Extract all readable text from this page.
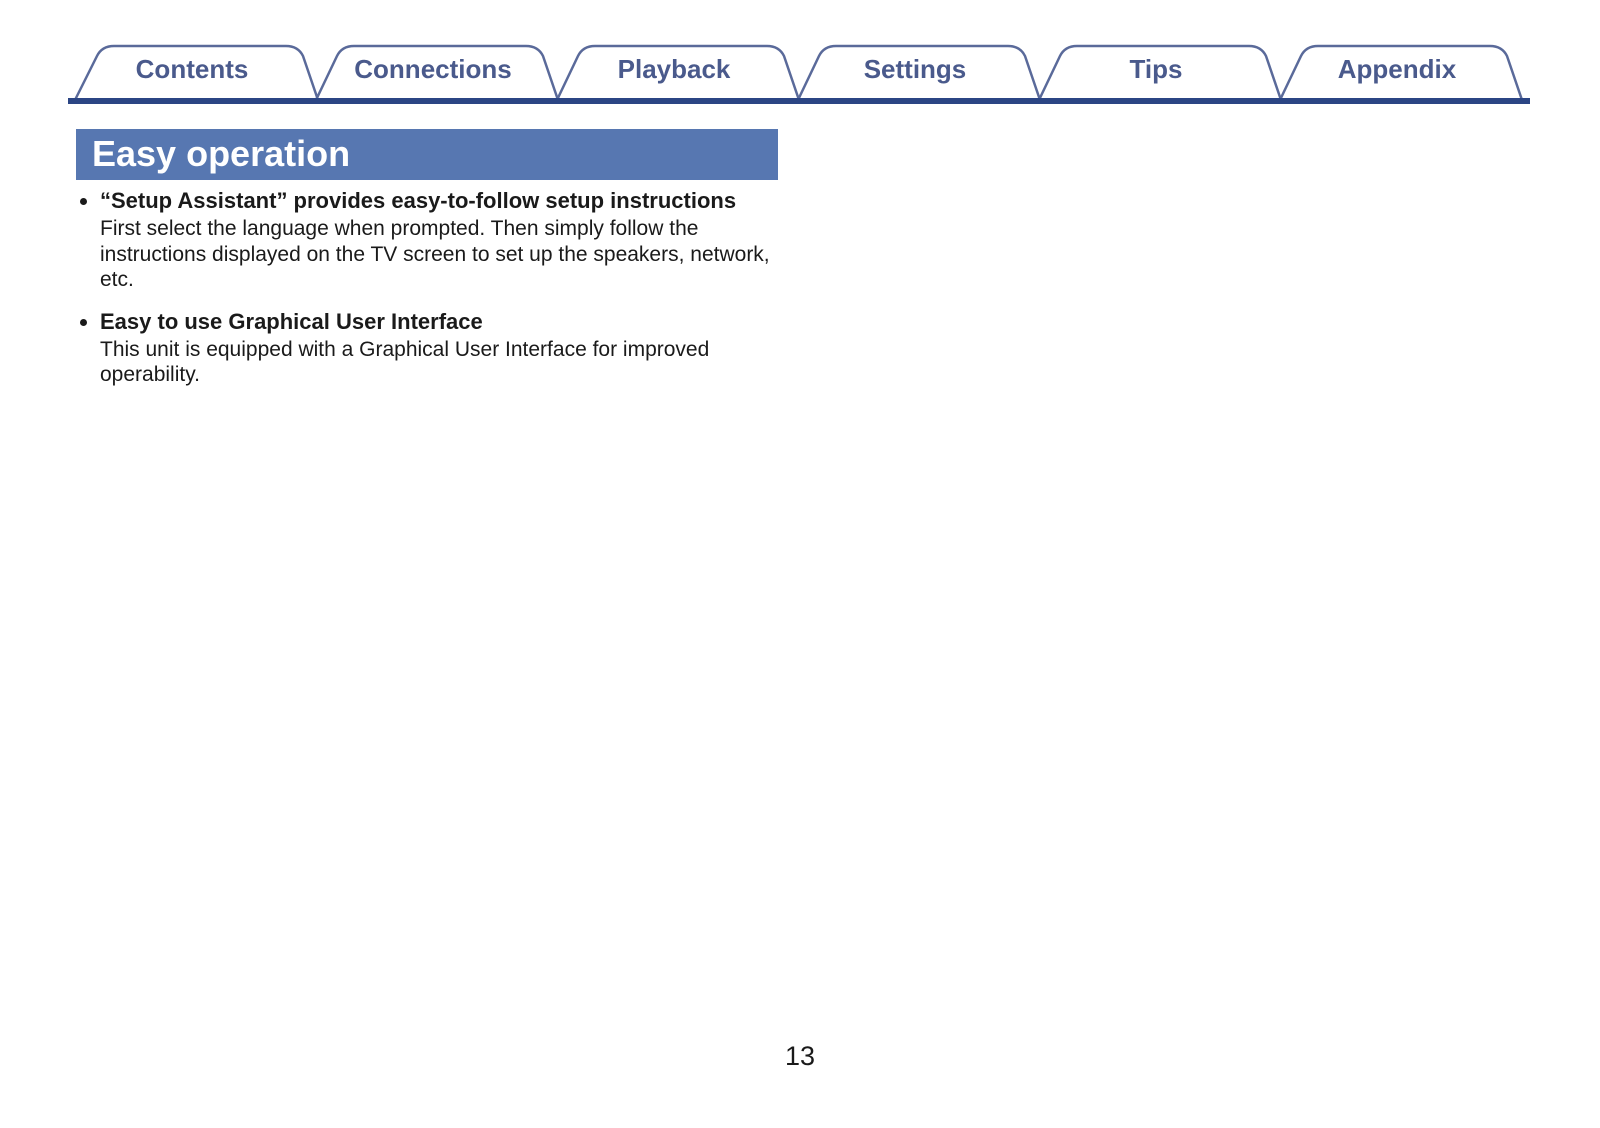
Contents	Connections	Playback	Settings	Tips	Appendix
Easy operation
“Setup Assistant” provides easy-to-follow setup instructions
First select the language when prompted. Then simply follow the instructions displayed on the TV screen to set up the speakers, network, etc.
Easy to use Graphical User Interface
This unit is equipped with a Graphical User Interface for improved operability.
13
